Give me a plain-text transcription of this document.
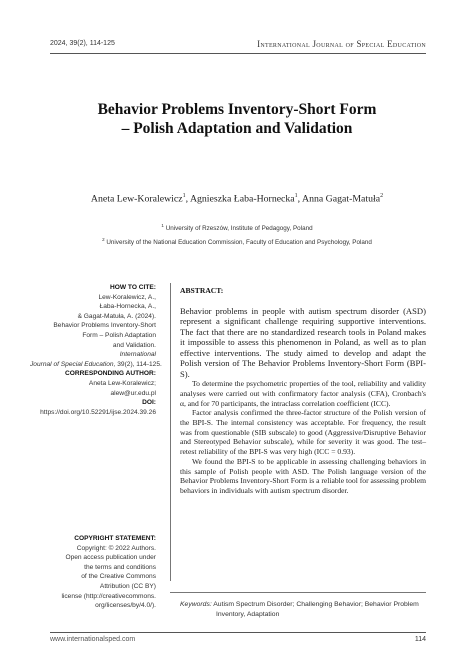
2024, 39(2), 114-125	International Journal of Special Education
Behavior Problems Inventory-Short Form
– Polish Adaptation and Validation
Aneta Lew-Koralewicz$^1$, Agnieszka Łaba-Hornecka$^1$, Anna Gagat-Matuła$^2$
$^1$ University of Rzeszów, Institute of Pedagogy, Poland
$^2$ University of the National Education Commission, Faculty of Education and Psychology, Poland
HOW TO CITE:
Lew-Koralewicz, A.,
Łaba-Hornecka, A.,
& Gagat-Matuła, A. (2024).
Behavior Problems Inventory-Short
Form – Polish Adaptation
and Validation.
International
Journal of Special Education, 39(2), 114-125.
CORRESPONDING AUTHOR:
Aneta Lew-Koralewicz;
alew@ur.edu.pl
DOI:
https://doi.org/10.52291/ijse.2024.39.26
COPYRIGHT STATEMENT:
Copyright: © 2022 Authors.
Open access publication under
the terms and conditions
of the Creative Commons
Attribution (CC BY)
license (http://creativecommons.
org/licenses/by/4.0/).
ABSTRACT:

Behavior problems in people with autism spectrum disorder (ASD) represent a significant challenge requiring supportive interventions. The fact that there are no standardized research tools in Poland makes it impossible to assess this phenomenon in Poland, as well as to plan effective interventions. The study aimed to develop and adapt the Polish version of The Behavior Problems Inventory-Short Form (BPI-S).

To determine the psychometric properties of the tool, reliability and validity analyses were carried out with confirmatory factor analysis (CFA), Cronbach's α, and for 70 participants, the intraclass correlation coefficient (ICC).

Factor analysis confirmed the three-factor structure of the Polish version of the BPI-S. The internal consistency was acceptable. For frequency, the result was from questionable (SIB subscale) to good (Aggressive/Disruptive Behavior and Stereotyped Behavior subscale), while for severity it was good. The test–retest reliability of the BPI-S was very high (ICC = 0.93).

We found the BPI-S to be applicable in assessing challenging behaviors in this sample of Polish people with ASD. The Polish language version of the Behavior Problems Inventory-Short Form is a reliable tool for assessing problem behaviors in individuals with autism spectrum disorder.

Keywords: Autism Spectrum Disorder; Challenging Behavior; Behavior Problem
Inventory, Adaptation
www.internationalsped.com	114
